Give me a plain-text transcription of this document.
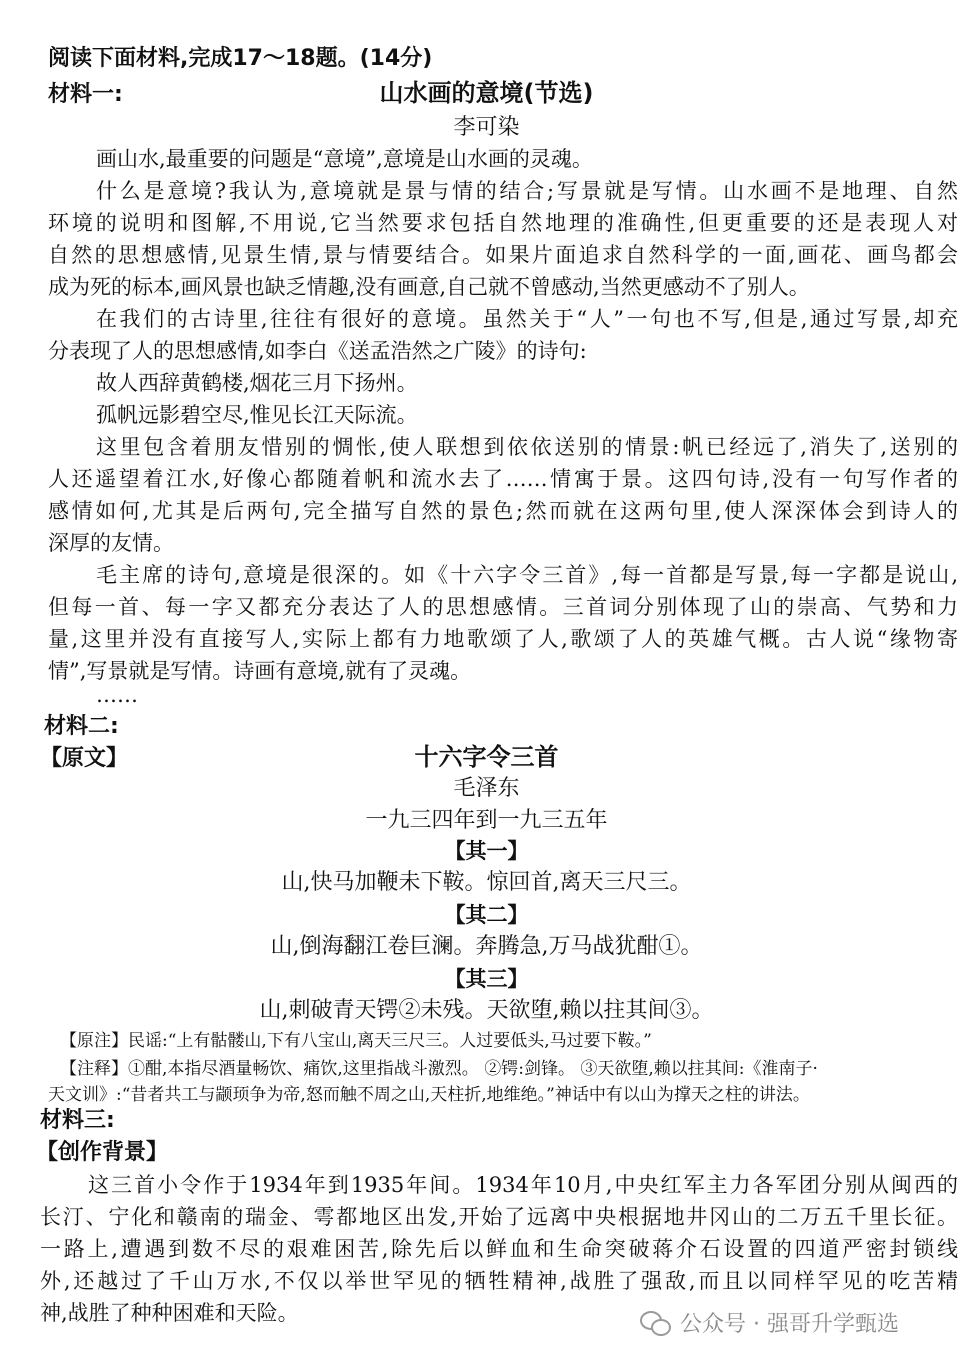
阅读下面材料,完成17～18题。(14分)
材料一:	山水画的意境(节选)
李可染
画山水,最重要的问题是“意境”,意境是山水画的灵魂。
什么是意境?我认为,意境就是景与情的结合;写景就是写情。山水画不是地理、自然
环境的说明和图解,不用说,它当然要求包括自然地理的准确性,但更重要的还是表现人对
自然的思想感情,见景生情,景与情要结合。如果片面追求自然科学的一面,画花、画鸟都会
成为死的标本,画风景也缺乏情趣,没有画意,自己就不曾感动,当然更感动不了别人。
在我们的古诗里,往往有很好的意境。虽然关于“人”一句也不写,但是,通过写景,却充
分表现了人的思想感情,如李白《送孟浩然之广陵》的诗句:
故人西辞黄鹤楼,烟花三月下扬州。
孤帆远影碧空尽,惟见长江天际流。
这里包含着朋友惜别的惆怅,使人联想到依依送别的情景:帆已经远了,消失了,送别的
人还遥望着江水,好像心都随着帆和流水去了……情寓于景。这四句诗,没有一句写作者的
感情如何,尤其是后两句,完全描写自然的景色;然而就在这两句里,使人深深体会到诗人的
深厚的友情。
毛主席的诗句,意境是很深的。如《十六字令三首》,每一首都是写景,每一字都是说山,
但每一首、每一字又都充分表达了人的思想感情。三首词分别体现了山的崇高、气势和力
量,这里并没有直接写人,实际上都有力地歌颂了人,歌颂了人的英雄气概。古人说“缘物寄
情”,写景就是写情。诗画有意境,就有了灵魂。
……
材料二:
【原文】	十六字令三首
毛泽东
一九三四年到一九三五年
【其一】
山,快马加鞭未下鞍。惊回首,离天三尺三。
【其二】
山,倒海翻江卷巨澜。奔腾急,万马战犹酣①。
【其三】
山,刺破青天锷②未残。天欲堕,赖以拄其间③。
【原注】民谣:“上有骷髅山,下有八宝山,离天三尺三。人过要低头,马过要下鞍。”
【注释】①酣,本指尽酒量畅饮、痛饮,这里指战斗激烈。 ②锷:剑锋。 ③天欲堕,赖以拄其间:《淮南子·
天文训》:“昔者共工与颛顼争为帝,怒而触不周之山,天柱折,地维绝。”神话中有以山为撑天之柱的讲法。
材料三:
【创作背景】
这三首小令作于1934年到1935年间。1934年10月,中央红军主力各军团分别从闽西的
长汀、宁化和赣南的瑞金、雩都地区出发,开始了远离中央根据地井冈山的二万五千里长征。
一路上,遭遇到数不尽的艰难困苦,除先后以鲜血和生命突破蒋介石设置的四道严密封锁线
外,还越过了千山万水,不仅以举世罕见的牺牲精神,战胜了强敌,而且以同样罕见的吃苦精
神,战胜了种种困难和天险。	公众号 · 强哥升学甄选
